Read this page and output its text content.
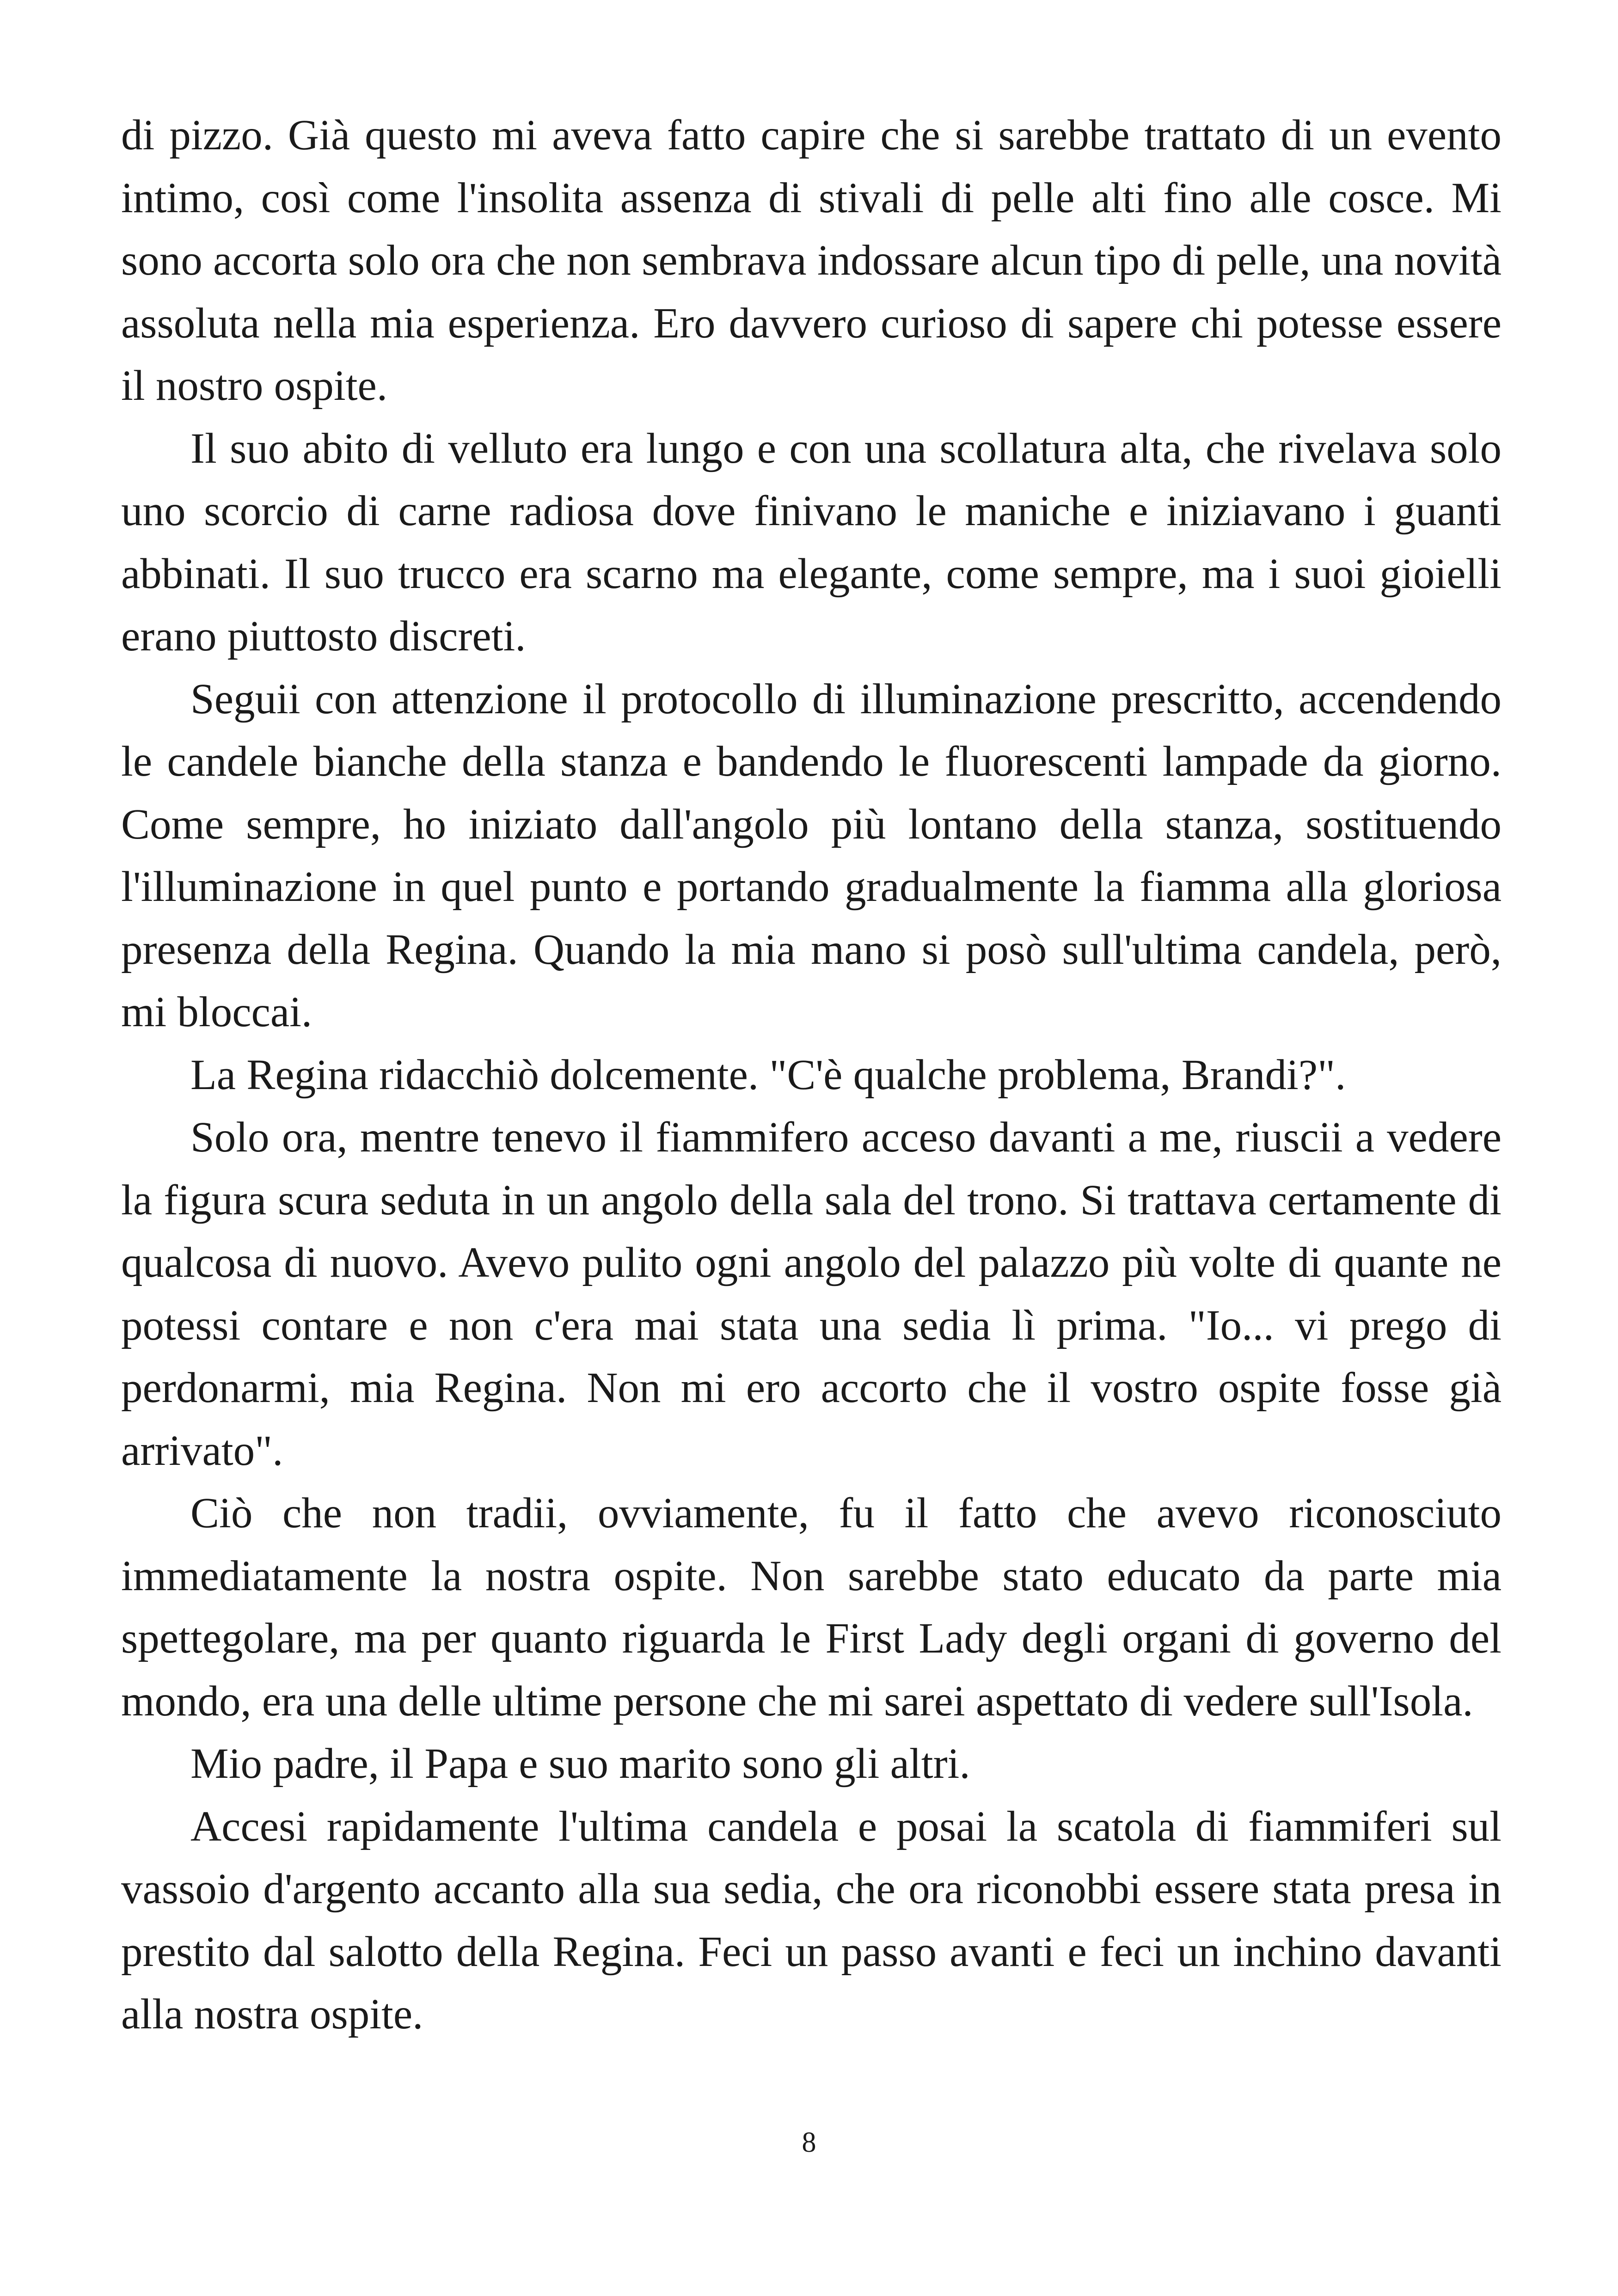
di pizzo. Già questo mi aveva fatto capire che si sarebbe trattato di un evento intimo, così come l'insolita assenza di stivali di pelle alti fino alle cosce. Mi sono accorta solo ora che non sembrava indossare alcun tipo di pelle, una novità assoluta nella mia esperienza. Ero davvero curioso di sapere chi potesse essere il nostro ospite.

Il suo abito di velluto era lungo e con una scollatura alta, che rivelava solo uno scorcio di carne radiosa dove finivano le maniche e iniziavano i guanti abbinati. Il suo trucco era scarno ma elegante, come sempre, ma i suoi gioielli erano piuttosto discreti.

Seguii con attenzione il protocollo di illuminazione prescritto, accendendo le candele bianche della stanza e bandendo le fluorescenti lampade da giorno. Come sempre, ho iniziato dall'angolo più lontano della stanza, sostituendo l'illuminazione in quel punto e portando gradualmente la fiamma alla gloriosa presenza della Regina. Quando la mia mano si posò sull'ultima candela, però, mi bloccai.

La Regina ridacchiò dolcemente. "C'è qualche problema, Brandi?".

Solo ora, mentre tenevo il fiammifero acceso davanti a me, riuscii a vedere la figura scura seduta in un angolo della sala del trono. Si trattava certamente di qualcosa di nuovo. Avevo pulito ogni angolo del palazzo più volte di quante ne potessi contare e non c'era mai stata una sedia lì prima. "Io... vi prego di perdonarmi, mia Regina. Non mi ero accorto che il vostro ospite fosse già arrivato".

Ciò che non tradii, ovviamente, fu il fatto che avevo riconosciuto immediatamente la nostra ospite. Non sarebbe stato educato da parte mia spettegolare, ma per quanto riguarda le First Lady degli organi di governo del mondo, era una delle ultime persone che mi sarei aspettato di vedere sull'Isola.

Mio padre, il Papa e suo marito sono gli altri.

Accesi rapidamente l'ultima candela e posai la scatola di fiammiferi sul vassoio d'argento accanto alla sua sedia, che ora riconobbi essere stata presa in prestito dal salotto della Regina. Feci un passo avanti e feci un inchino davanti alla nostra ospite.

8
